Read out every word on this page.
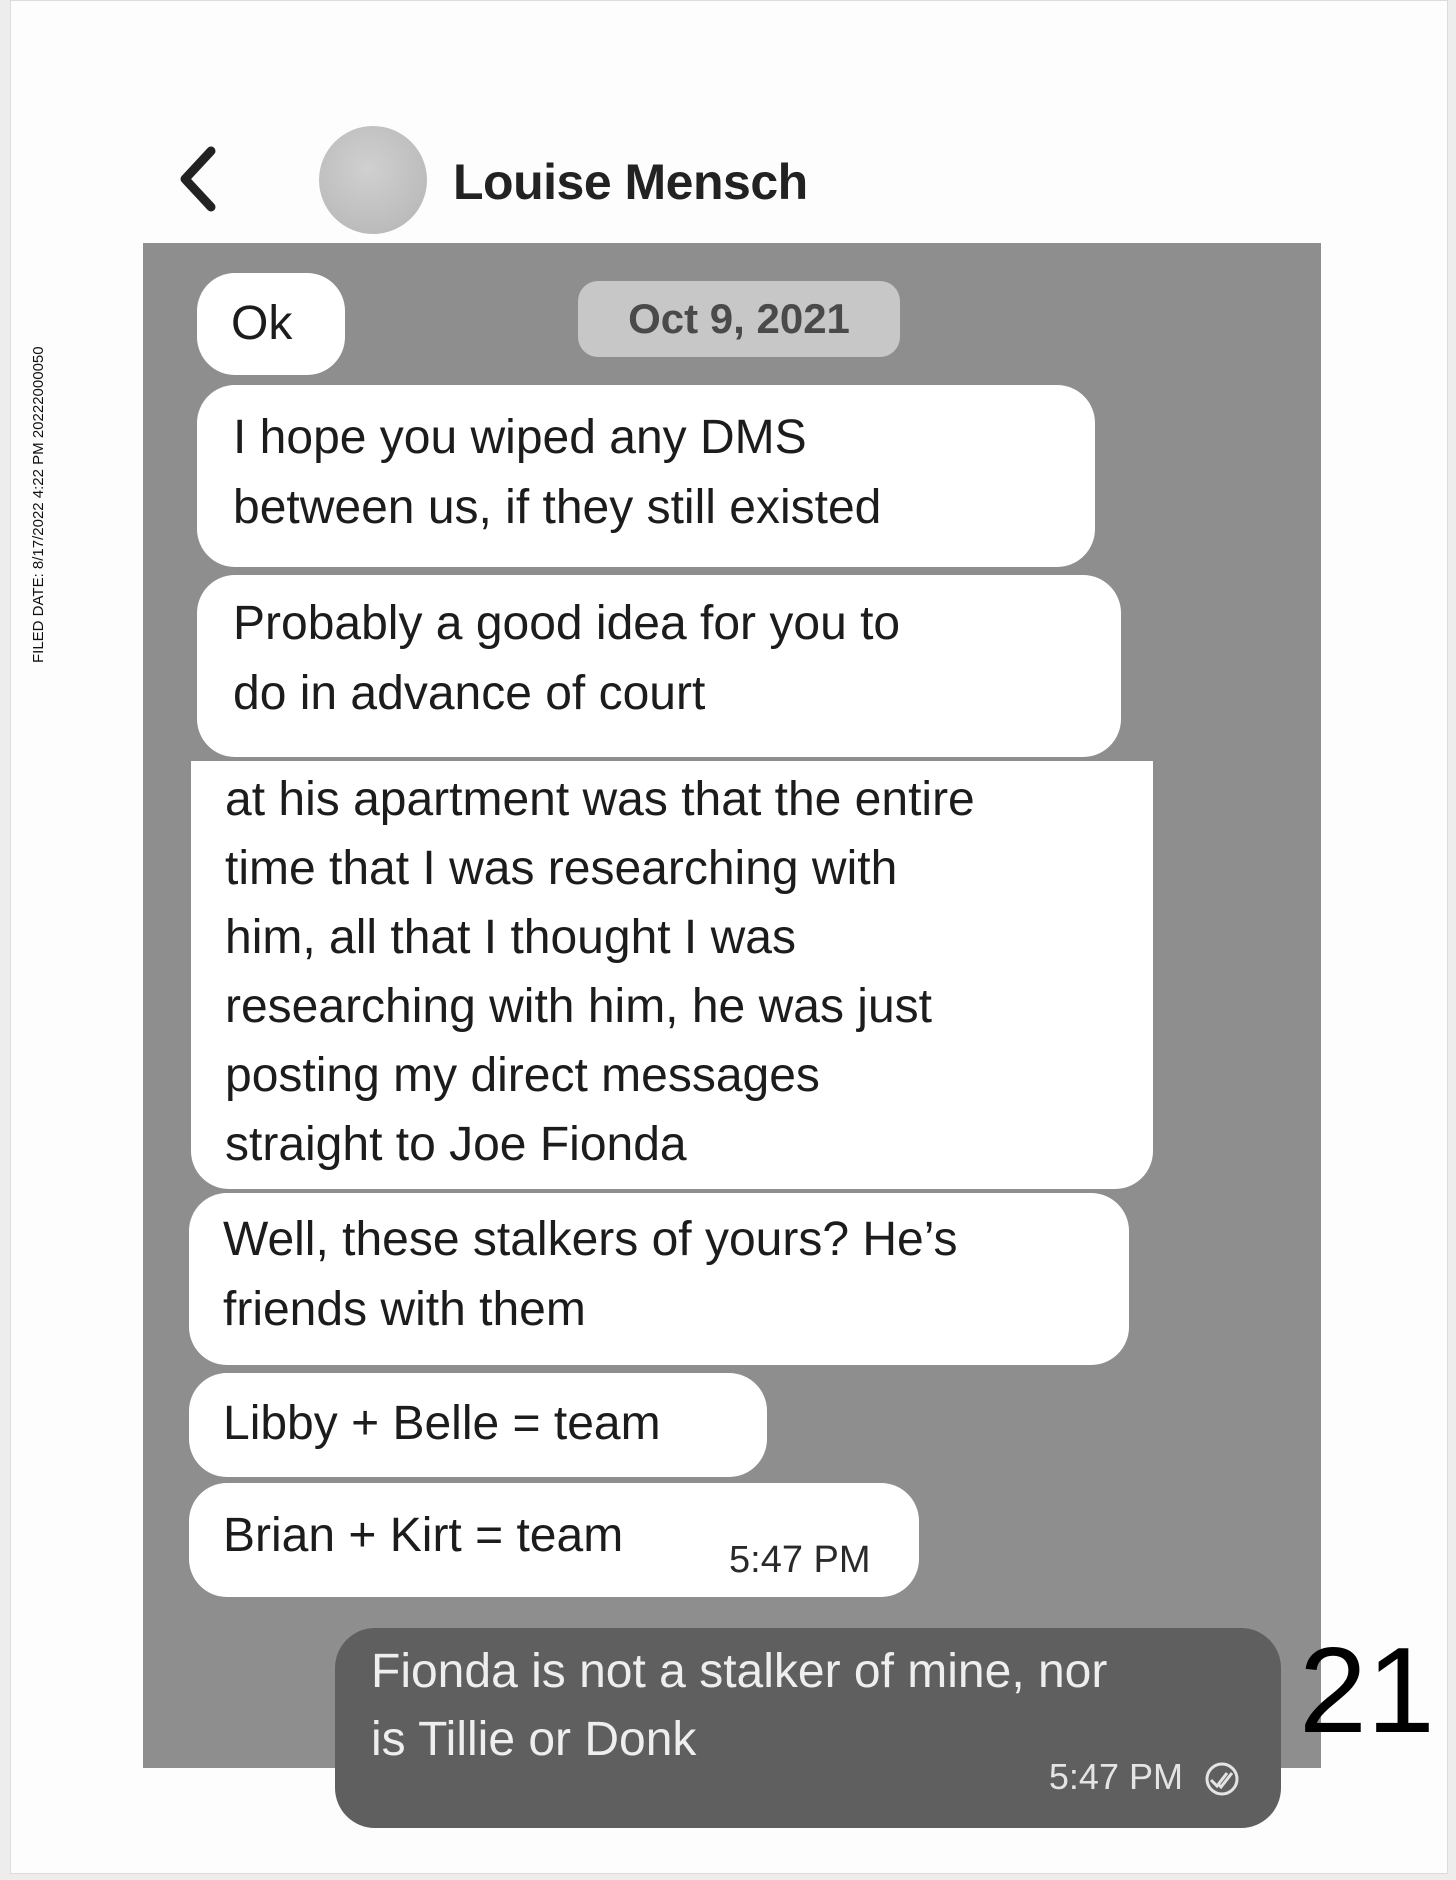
FILED DATE: 8/17/2022 4:22 PM 20222000050
Louise Mensch
Ok	Oct 9, 2021
I hope you wiped any DMS
between us, if they still existed
Probably a good idea for you to
do in advance of court
at his apartment was that the entire
time that I was researching with
him, all that I thought I was
researching with him, he was just
posting my direct messages
straight to Joe Fionda
Well, these stalkers of yours? He’s
friends with them
Libby + Belle = team
Brian + Kirt = team	5:47 PM
Fionda is not a stalker of mine, nor
is Tillie or Donk
5:47 PM
21
